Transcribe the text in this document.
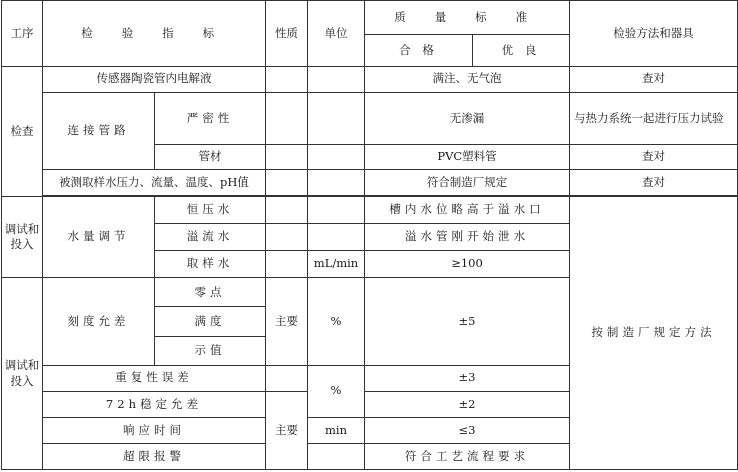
工序	检 验 指 标		性质	单位	质 量 标 准		检验方法和器具
					合 格	优 良	
检查	传感器陶瓷管内电解液				满注、无气泡		查对
	连接管路	严密性			无渗漏		与热力系统一起进行压力试验
		管材			PVC塑料管		查对
	被测取样水压力、流量、温度、pH值				符合制造厂规定		查对

调试和投入	水量调节	恒压水			槽内水位略高于溢水口		按制造厂规定方法
		溢流水			溢水管刚开始泄水		
		取样水		mL/min	≥100		
调试和投入	刻度允差	零点	主要	%	±5		
		满度					
		示值					
	重复性误差			%	±3		
	72h稳定允差		主要		±2		
	响应时间			min	≤3		
	超限报警				符合工艺流程要求		
